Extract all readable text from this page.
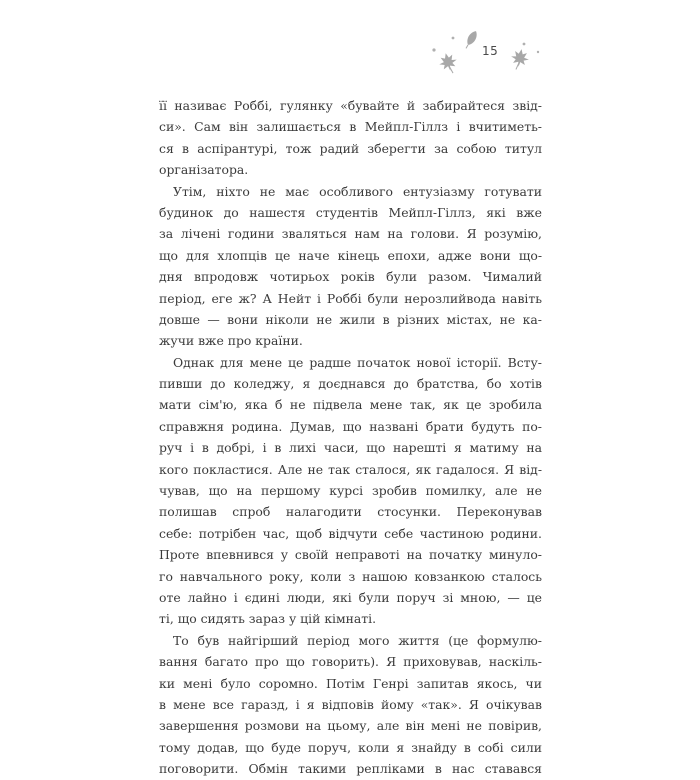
15
її називає Роббі, гулянку «бувайте й забирайтеся звід-
си». Сам він залишається в Мейпл-Гіллз і вчитиметь-
ся в аспірантурі, тож радий зберегти за собою титул
організатора.
Утім, ніхто не має особливого ентузіазму готувати
будинок до нашестя студентів Мейпл-Гіллз, які вже
за лічені години зваляться нам на голови. Я розумію,
що для хлопців це наче кінець епохи, адже вони що-
дня впродовж чотирьох років були разом. Чималий
період, еге ж? А Нейт і Роббі були нерозлийвода навіть
довше — вони ніколи не жили в різних містах, не ка-
жучи вже про країни.
Однак для мене це радше початок нової історії. Всту-
пивши до коледжу, я доєднався до братства, бо хотів
мати сім'ю, яка б не підвела мене так, як це зробила
справжня родина. Думав, що названі брати будуть по-
руч і в добрі, і в лихі часи, що нарешті я матиму на
кого покластися. Але не так сталося, як гадалося. Я від-
чував, що на першому курсі зробив помилку, але не
полишав спроб налагодити стосунки. Переконував
себе: потрібен час, щоб відчути себе частиною родини.
Проте впевнився у своїй неправоті на початку минуло-
го навчального року, коли з нашою ковзанкою сталось
оте лайно і єдині люди, які були поруч зі мною, — це
ті, що сидять зараз у цій кімнаті.
То був найгірший період мого життя (це формулю-
вання багато про що говорить). Я приховував, наскіль-
ки мені було соромно. Потім Генрі запитав якось, чи
в мене все гаразд, і я відповів йому «так». Я очікував
завершення розмови на цьому, але він мені не повірив,
тому додав, що буде поруч, коли я знайду в собі сили
поговорити. Обмін такими репліками в нас ставався
